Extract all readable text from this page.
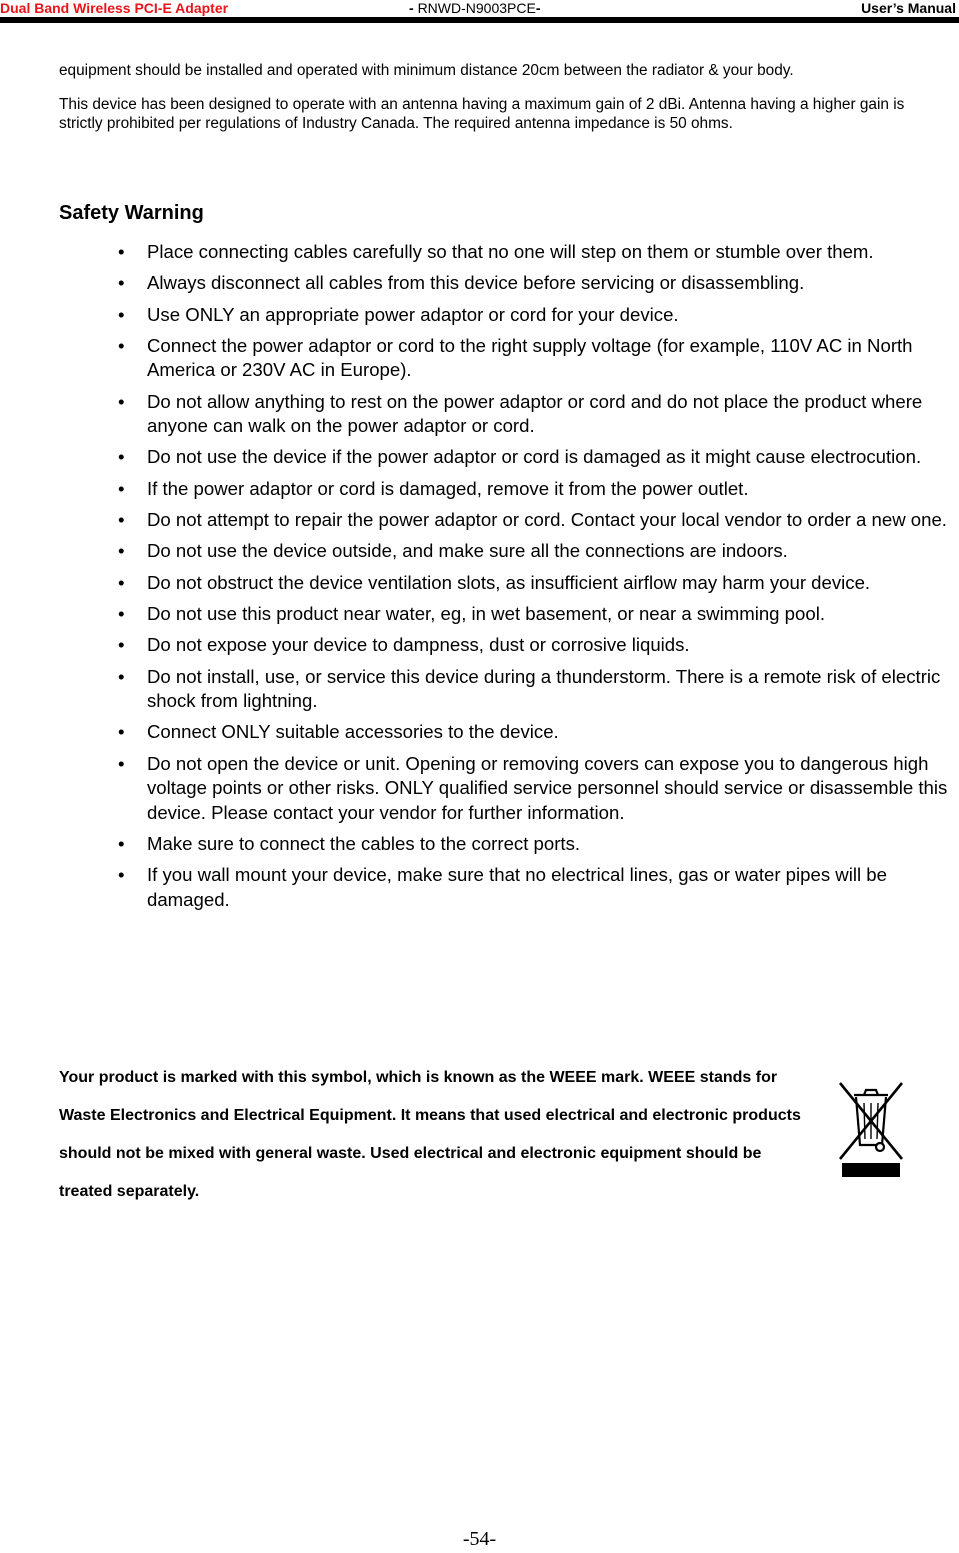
Dual Band Wireless PCI-E Adapter	- RNWD-N9003PCE-	User’s Manual

equipment should be installed and operated with minimum distance 20cm between the radiator & your body.

This device has been designed to operate with an antenna having a maximum gain of 2 dBi. Antenna having a higher gain is strictly prohibited per regulations of Industry Canada. The required antenna impedance is 50 ohms.

Safety Warning
• Place connecting cables carefully so that no one will step on them or stumble over them.
• Always disconnect all cables from this device before servicing or disassembling.
• Use ONLY an appropriate power adaptor or cord for your device.
• Connect the power adaptor or cord to the right supply voltage (for example, 110V AC in North America or 230V AC in Europe).
• Do not allow anything to rest on the power adaptor or cord and do not place the product where anyone can walk on the power adaptor or cord.
• Do not use the device if the power adaptor or cord is damaged as it might cause electrocution.
• If the power adaptor or cord is damaged, remove it from the power outlet.
• Do not attempt to repair the power adaptor or cord. Contact your local vendor to order a new one.
• Do not use the device outside, and make sure all the connections are indoors.
• Do not obstruct the device ventilation slots, as insufficient airflow may harm your device.
• Do not use this product near water, eg, in wet basement, or near a swimming pool.
• Do not expose your device to dampness, dust or corrosive liquids.
• Do not install, use, or service this device during a thunderstorm. There is a remote risk of electric shock from lightning.
• Connect ONLY suitable accessories to the device.
• Do not open the device or unit. Opening or removing covers can expose you to dangerous high voltage points or other risks. ONLY qualified service personnel should service or disassemble this device. Please contact your vendor for further information.
• Make sure to connect the cables to the correct ports.
• If you wall mount your device, make sure that no electrical lines, gas or water pipes will be damaged.

Your product is marked with this symbol, which is known as the WEEE mark. WEEE stands for Waste Electronics and Electrical Equipment. It means that used electrical and electronic products should not be mixed with general waste. Used electrical and electronic equipment should be treated separately.

-54-
